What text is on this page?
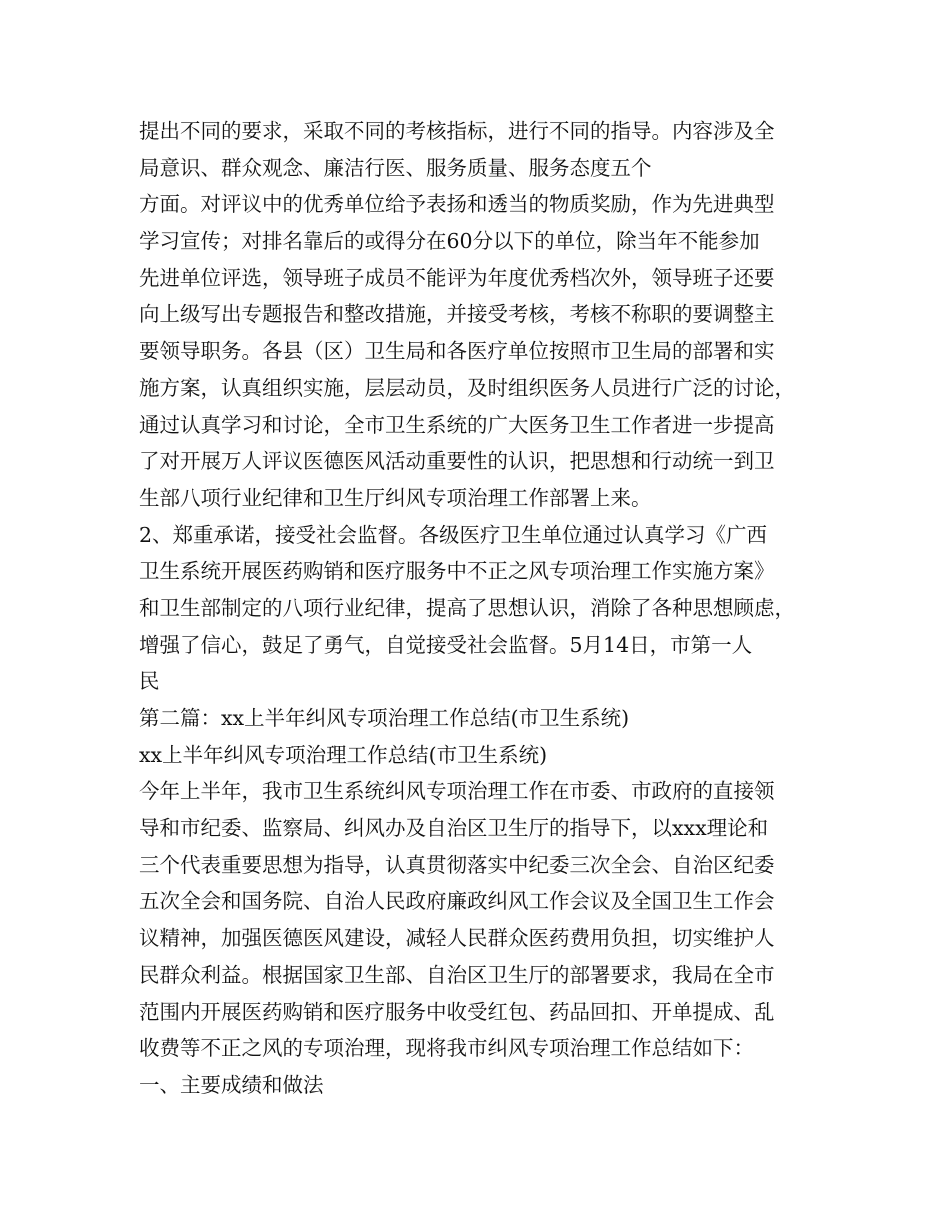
提出不同的要求，采取不同的考核指标，进行不同的指导。内容涉及全
局意识、群众观念、廉洁行医、服务质量、服务态度五个
方面。对评议中的优秀单位给予表扬和透当的物质奖励，作为先进典型
学习宣传；对排名靠后的或得分在60分以下的单位，除当年不能参加
先进单位评选，领导班子成员不能评为年度优秀档次外，领导班子还要
向上级写出专题报告和整改措施，并接受考核，考核不称职的要调整主
要领导职务。各县（区）卫生局和各医疗单位按照市卫生局的部署和实
施方案，认真组织实施，层层动员，及时组织医务人员进行广泛的讨论，
通过认真学习和讨论，全市卫生系统的广大医务卫生工作者进一步提高
了对开展万人评议医德医风活动重要性的认识，把思想和行动统一到卫
生部八项行业纪律和卫生厅纠风专项治理工作部署上来。
2、郑重承诺，接受社会监督。各级医疗卫生单位通过认真学习《广西
卫生系统开展医药购销和医疗服务中不正之风专项治理工作实施方案》
和卫生部制定的八项行业纪律，提高了思想认识，消除了各种思想顾虑，
增强了信心，鼓足了勇气，自觉接受社会监督。5月14日，市第一人
民
第二篇：xx上半年纠风专项治理工作总结(市卫生系统)
xx上半年纠风专项治理工作总结(市卫生系统)
今年上半年，我市卫生系统纠风专项治理工作在市委、市政府的直接领
导和市纪委、监察局、纠风办及自治区卫生厅的指导下，以xxx理论和
三个代表重要思想为指导，认真贯彻落实中纪委三次全会、自治区纪委
五次全会和国务院、自治人民政府廉政纠风工作会议及全国卫生工作会
议精神，加强医德医风建设，减轻人民群众医药费用负担，切实维护人
民群众利益。根据国家卫生部、自治区卫生厅的部署要求，我局在全市
范围内开展医药购销和医疗服务中收受红包、药品回扣、开单提成、乱
收费等不正之风的专项治理，现将我市纠风专项治理工作总结如下：
一、主要成绩和做法
